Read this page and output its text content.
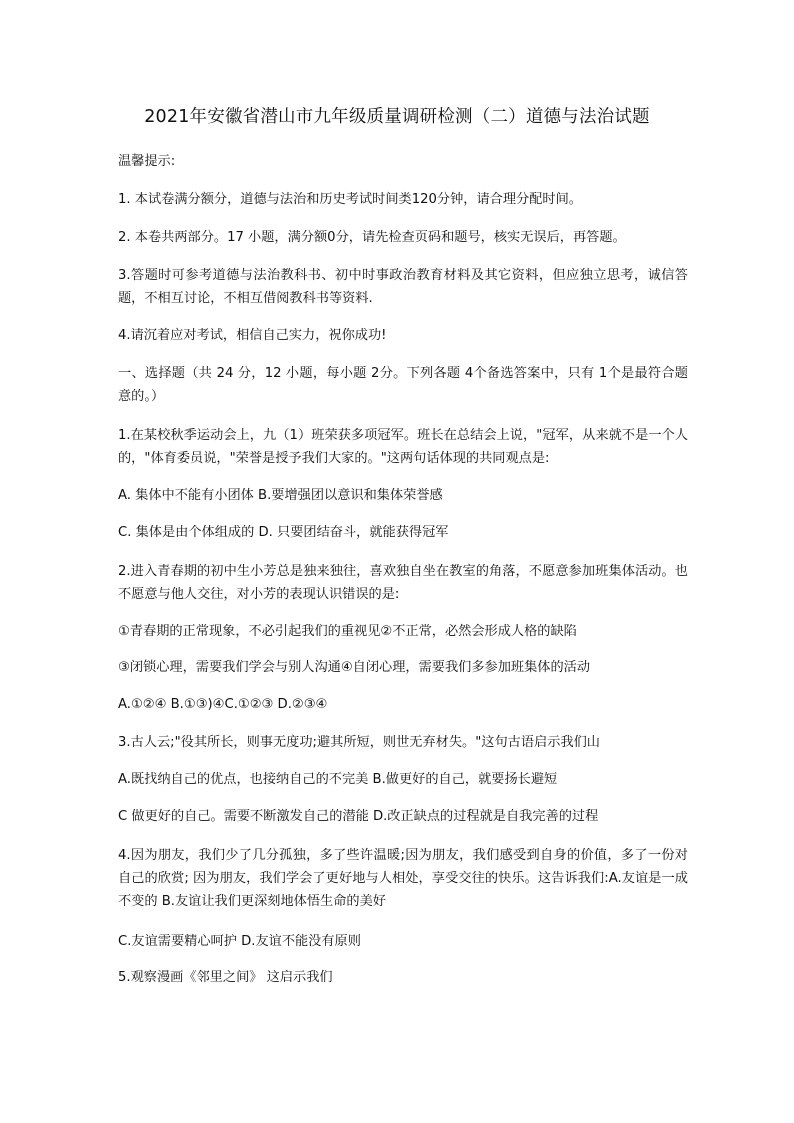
2021年安徽省潜山市九年级质量调研检测（二）道德与法治试题

温馨提示:

1. 本试卷满分额分，道德与法治和历史考试时间类120分钟，请合理分配时间。

2. 本卷共两部分。17 小题，满分额0分，请先检查页码和题号，核实无误后，再答题。

3.答题时可参考道德与法治教科书、初中时事政治教育材料及其它资料，但应独立思考，诚信答题，不相互讨论，不相互借阅教科书等资料.

4.请沉着应对考试，相信自己实力，祝你成功!

一、选择题（共 24 分，12 小题，每小题 2分。下列各题 4个备选答案中，只有 1个是最符合题意的。）

1.在某校秋季运动会上，九（1）班荣获多项冠军。班长在总结会上说，"冠军，从来就不是一个人的，"体育委员说，"荣誉是授予我们大家的。"这两句话体现的共同观点是:

A. 集体中不能有小团体 B.要增强团以意识和集体荣誉感

C. 集体是由个体组成的 D. 只要团结奋斗，就能获得冠军

2.进入青春期的初中生小芳总是独来独往，喜欢独自坐在教室的角落，不愿意参加班集体活动。也不愿意与他人交往，对小芳的表现认识错误的是:

①青春期的正常现象，不必引起我们的重视见②不正常，必然会形成人格的缺陷

③闭锁心理，需要我们学会与别人沟通④自闭心理，需要我们多参加班集体的活动

A.①②④ B.①③)④C.①②③ D.②③④

3.古人云;"役其所长，则事无度功;避其所短，则世无弃材失。"这句古语启示我们山

A.既找纳自己的优点，也接纳自己的不完美 B.做更好的自己，就要扬长避短

C 做更好的自己。需要不断激发自己的潜能 D.改正缺点的过程就是自我完善的过程

4.因为朋友，我们少了几分孤独，多了些许温暖;因为朋友，我们感受到自身的价值，多了一份对自己的欣赏; 因为朋友，我们学会了更好地与人相处，享受交往的快乐。这告诉我们:A.友谊是一成不变的 B.友谊让我们更深刻地体悟生命的美好

C.友谊需要精心呵护 D.友谊不能没有原则

5.观察漫画《邻里之间》 这启示我们
